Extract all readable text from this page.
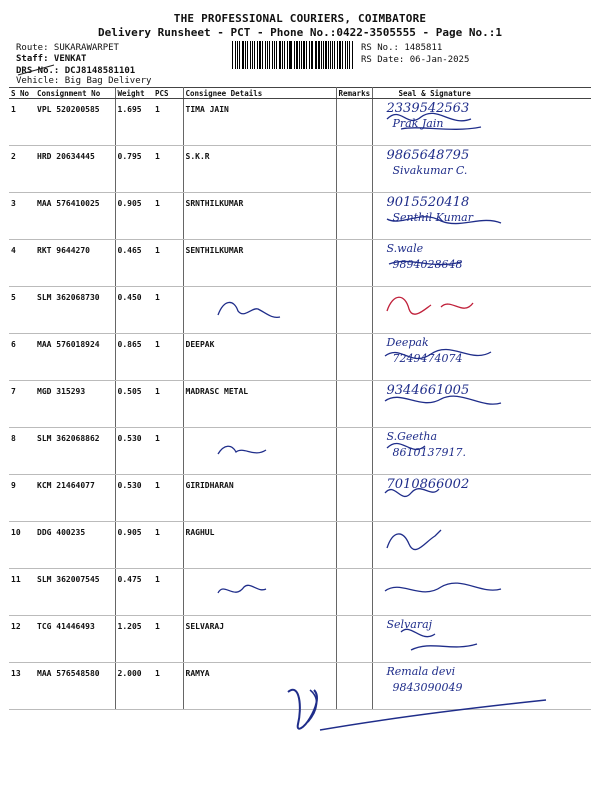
THE PROFESSIONAL COURIERS, COIMBATORE
Delivery Runsheet - PCT - Phone No.:0422-3505555 - Page No.:1
Route: SUKARAWARPET
Staff: VENKAT
DRS No.: DCJ8148581101
Vehicle: Big Bag Delivery
RS No.: 1485811
RS Date: 06-Jan-2025
S No	Consignment No	Weight	PCS	Consignee Details	Remarks	Seal & Signature
1	VPL 520200585	1.695	1	TIMA JAIN		2339542563
Prak Jain

2	HRD 20634445	0.795	1	S.K.R		9865648795
Sivakumar C.

3	MAA 576410025	0.905	1	SRNTHILKUMAR		9015520418
Senthil Kumar

4	RKT 9644270	0.465	1	SENTHILKUMAR		S.wale
9894028648

5	SLM 362068730	0.450	1	

6	MAA 576018924	0.865	1	DEEPAK		Deepak
7249474074

7	MGD 315293	0.505	1	MADRASC METAL		9344661005

8	SLM 362068862	0.530	1			S.Geetha
8610137917.

9	KCM 21464077	0.530	1	GIRIDHARAN		7010866002

10	DDG 400235	0.905	1	RAGHUL		

11	SLM 362007545	0.475	1	

12	TCG 41446493	1.205	1	SELVARAJ		Selvaraj

13	MAA 576548580	2.000	1	RAMYA		Remala devi
9843090049
